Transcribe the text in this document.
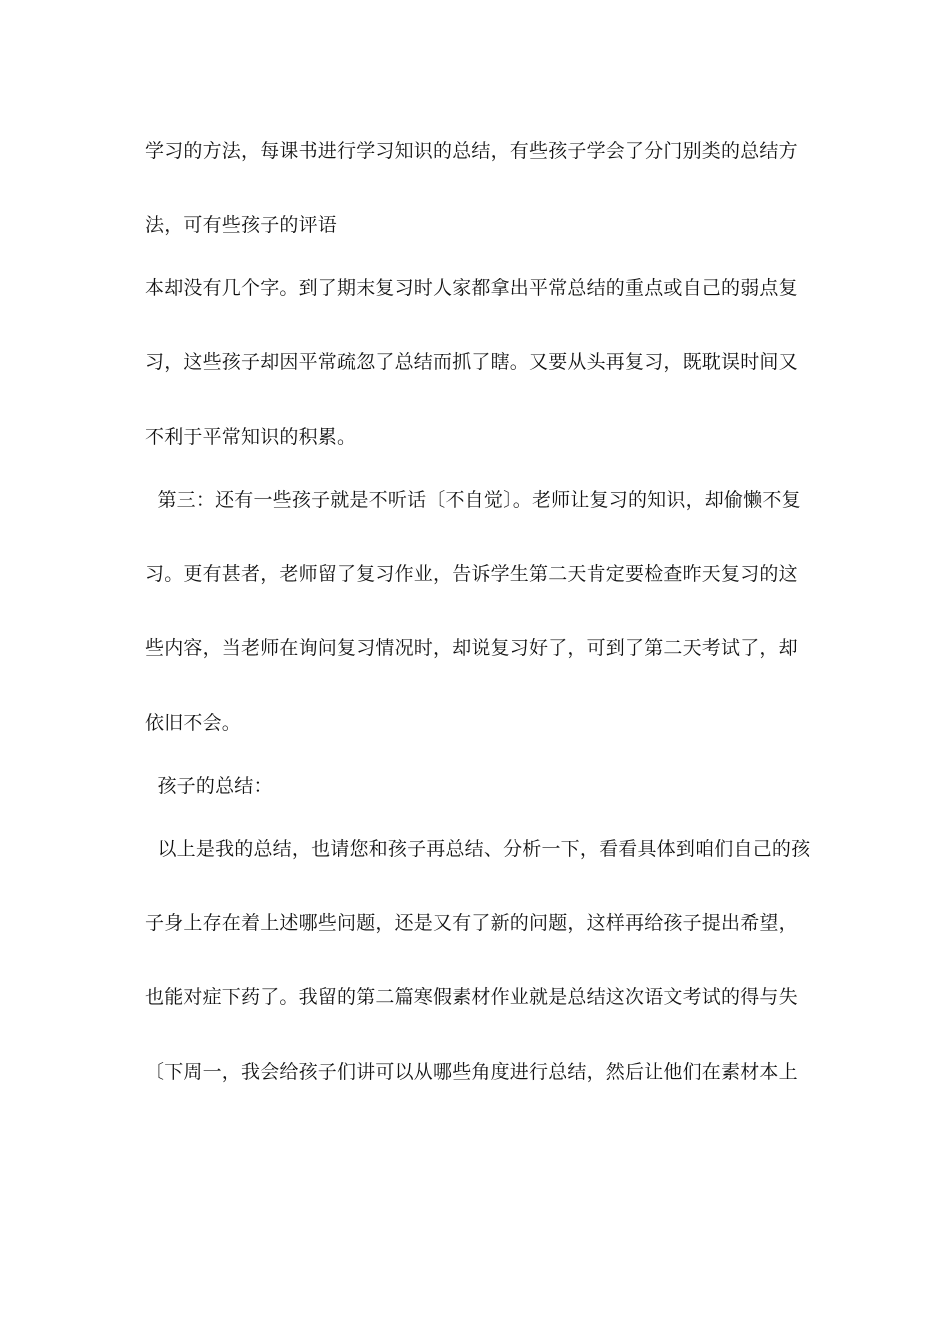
学习的方法，每课书进行学习知识的总结，有些孩子学会了分门别类的总结方
法，可有些孩子的评语
本却没有几个字。到了期末复习时人家都拿出平常总结的重点或自己的弱点复
习，这些孩子却因平常疏忽了总结而抓了瞎。又要从头再复习，既耽误时间又
不利于平常知识的积累。
第三：还有一些孩子就是不听话〔不自觉〕。老师让复习的知识，却偷懒不复
习。更有甚者，老师留了复习作业，告诉学生第二天肯定要检查昨天复习的这
些内容，当老师在询问复习情况时，却说复习好了，可到了第二天考试了，却
依旧不会。
孩子的总结：
以上是我的总结，也请您和孩子再总结、分析一下，看看具体到咱们自己的孩
子身上存在着上述哪些问题，还是又有了新的问题，这样再给孩子提出希望，
也能对症下药了。我留的第二篇寒假素材作业就是总结这次语文考试的得与失
〔下周一，我会给孩子们讲可以从哪些角度进行总结，然后让他们在素材本上
